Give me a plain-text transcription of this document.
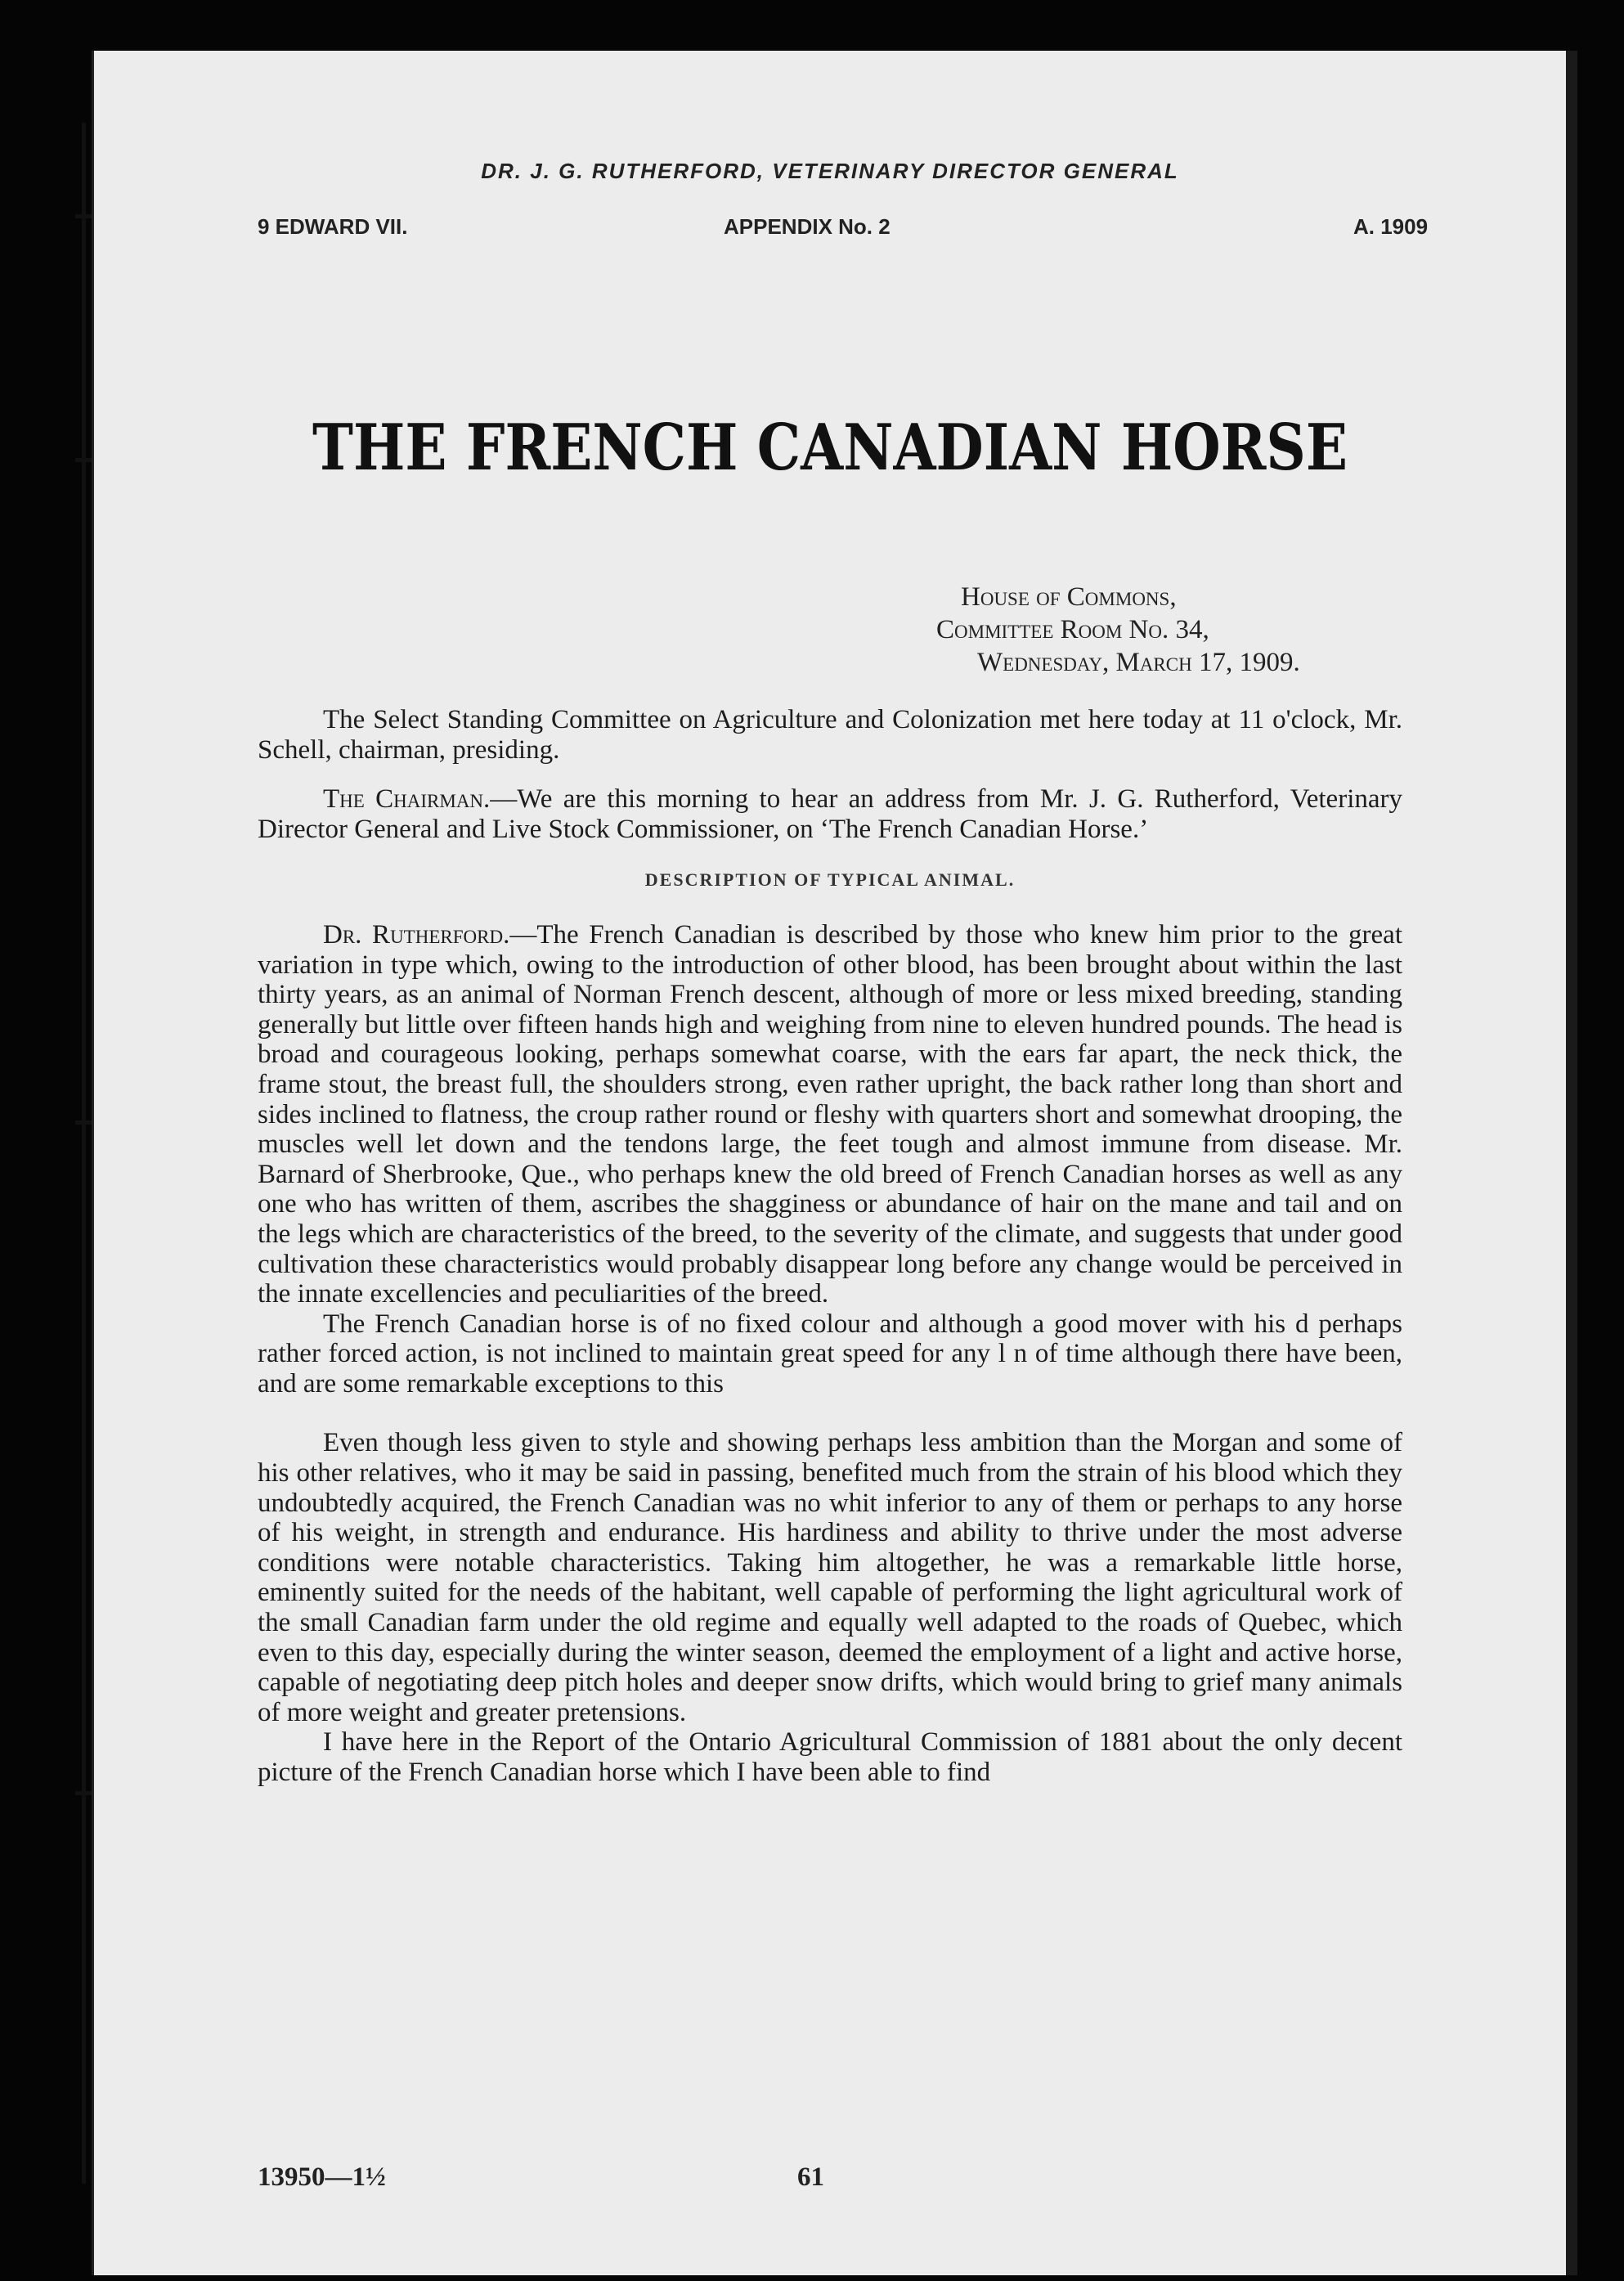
DR. J. G. RUTHERFORD, VETERINARY DIRECTOR GENERAL
9 EDWARD VII.	APPENDIX No. 2	A. 1909
THE FRENCH CANADIAN HORSE
House of Commons,
Committee Room No. 34,
Wednesday, March 17, 1909.

The Select Standing Committee on Agriculture and Colonization met here today at 11 o'clock, Mr. Schell, chairman, presiding.

The Chairman.—We are this morning to hear an address from Mr. J. G. Rutherford, Veterinary Director General and Live Stock Commissioner, on ‘The French Canadian Horse.’

DESCRIPTION OF TYPICAL ANIMAL.

Dr. Rutherford.—The French Canadian is described by those who knew him prior to the great variation in type which, owing to the introduction of other blood, has been brought about within the last thirty years, as an animal of Norman French descent, although of more or less mixed breeding, standing generally but little over fifteen hands high and weighing from nine to eleven hundred pounds. The head is broad and courageous looking, perhaps somewhat coarse, with the ears far apart, the neck thick, the frame stout, the breast full, the shoulders strong, even rather upright, the back rather long than short and sides inclined to flatness, the croup rather round or fleshy with quarters short and somewhat drooping, the muscles well let down and the tendons large, the feet tough and almost immune from disease. Mr. Barnard of Sherbrooke, Que., who perhaps knew the old breed of French Canadian horses as well as any one who has written of them, ascribes the shagginess or abundance of hair on the mane and tail and on the legs which are characteristics of the breed, to the severity of the climate, and suggests that under good cultivation these characteristics would probably disappear long before any change would be perceived in the innate excellencies and peculiarities of the breed.

The French Canadian horse is of no fixed colour and although a good mover with his d perhaps rather forced action, is not inclined to maintain great speed for any l n of time although there have been, and are some remarkable exceptions to this

Even though less given to style and showing perhaps less ambition than the Morgan and some of his other relatives, who it may be said in passing, benefited much from the strain of his blood which they undoubtedly acquired, the French Canadian was no whit inferior to any of them or perhaps to any horse of his weight, in strength and endurance. His hardiness and ability to thrive under the most adverse conditions were notable characteristics. Taking him altogether, he was a remarkable little horse, eminently suited for the needs of the habitant, well capable of performing the light agricultural work of the small Canadian farm under the old regime and equally well adapted to the roads of Quebec, which even to this day, especially during the winter season, deemed the employment of a light and active horse, capable of negotiating deep pitch holes and deeper snow drifts, which would bring to grief many animals of more weight and greater pretensions.

I have here in the Report of the Ontario Agricultural Commission of 1881 about the only decent picture of the French Canadian horse which I have been able to find

13950—1½	61
